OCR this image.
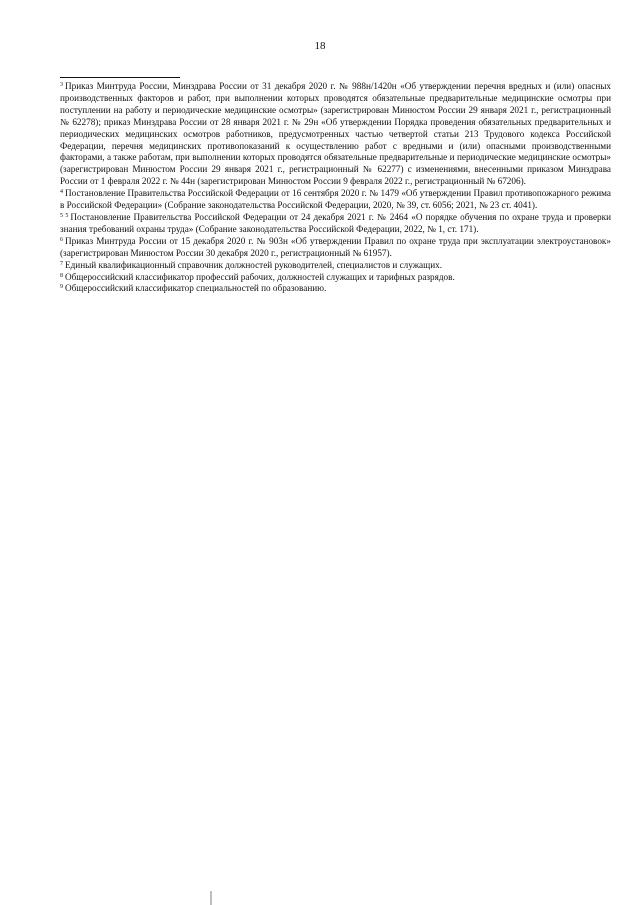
18

$^3$ Приказ Минтруда России, Минздрава России от 31 декабря 2020 г. № 988н/1420н «Об утверждении перечня вредных и (или) опасных производственных факторов и работ, при выполнении которых проводятся обязательные предварительные медицинские осмотры при поступлении на работу и периодические медицинские осмотры» (зарегистрирован Минюстом России 29 января 2021 г., регистрационный № 62278); приказ Минздрава России от 28 января 2021 г. № 29н «Об утверждении Порядка проведения обязательных предварительных и периодических медицинских осмотров работников, предусмотренных частью четвертой статьи 213 Трудового кодекса Российской Федерации, перечня медицинских противопоказаний к осуществлению работ с вредными и (или) опасными производственными факторами, а также работам, при выполнении которых проводятся обязательные предварительные и периодические медицинские осмотры» (зарегистрирован Минюстом России 29 января 2021 г., регистрационный № 62277) с изменениями, внесенными приказом Минздрава России от 1 февраля 2022 г. № 44н (зарегистрирован Минюстом России 9 февраля 2022 г., регистрационный № 67206).

$^4$ Постановление Правительства Российской Федерации от 16 сентября 2020 г. № 1479 «Об утверждении Правил противопожарного режима в Российской Федерации» (Собрание законодательства Российской Федерации, 2020, № 39, ст. 6056; 2021, № 23 ст. 4041).

$^{5 5}$ Постановление Правительства Российской Федерации от 24 декабря 2021 г. № 2464 «О порядке обучения по охране труда и проверки знания требований охраны труда» (Собрание законодательства Российской Федерации, 2022, № 1, ст. 171).

$^6$ Приказ Минтруда России от 15 декабря 2020 г. № 903н «Об утверждении Правил по охране труда при эксплуатации электроустановок» (зарегистрирован Минюстом России 30 декабря 2020 г., регистрационный № 61957).

$^7$ Единый квалификационный справочник должностей руководителей, специалистов и служащих.

$^8$ Общероссийский классификатор профессий рабочих, должностей служащих и тарифных разрядов.

$^9$ Общероссийский классификатор специальностей по образованию.
